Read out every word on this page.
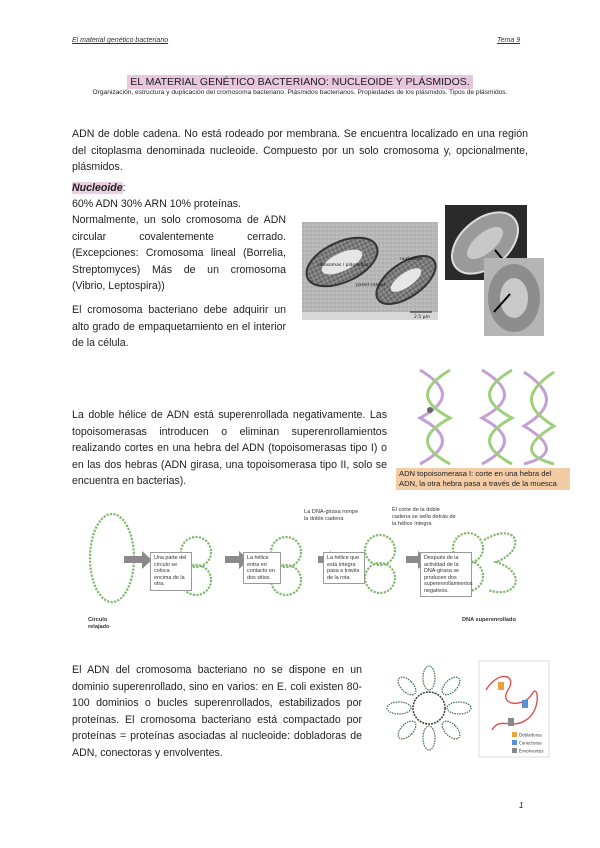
El material genético bacteriano	Tema 9
EL MATERIAL GENÉTICO BACTERIANO: NUCLEOIDE Y PLÁSMIDOS.
Organización, estructura y duplicación del cromosoma bacteriano. Plásmidos bacterianos. Propiedades de los plásmidos. Tipos de plásmidos.
ADN de doble cadena. No está rodeado por membrana. Se encuentra localizado en una región del citoplasma denominada nucleoide. Compuesto por un solo cromosoma y, opcionalmente, plásmidos.
Nucleoide:
60% ADN 30% ARN 10% proteínas.
Normalmente, un solo cromosoma de ADN circular covalentemente cerrado. (Excepciones: Cromosoma lineal (Borrelia, Streptomyces) Más de un cromosoma (Vibrio, Leptospira))
El cromosoma bacteriano debe adquirir un alto grado de empaquetamiento en el interior de la célula.
ribosomas / plásmidos
nucleoide
pared celular
2.5 μm
ADN topoisomerasa I: corte en una hebra del ADN, la otra hebra pasa a través de la muesca
La doble hélice de ADN está superenrollada negativamente. Las topoisomerasas introducen o eliminan superenrollamientos realizando cortes en una hebra del ADN (topoisomerasas tipo I) o en las dos hebras (ADN girasa, una topoisomerasa tipo II, solo se encuentra en bacterias).
Una parte del círculo se coloca encima de la otra.
La hélice entra en contacto en dos sitios.
La hélice que está íntegra pasa a través de la rota.
Después de la actividad de la DNA-girasa se producen dos superenrollamientos negativos.
La DNA-girasa rompe la doble cadena
El corte de la doble cadena se sella detrás de la hélice íntegra
Círculo relajado
DNA superenrollado
El ADN del cromosoma bacteriano no se dispone en un dominio superenrollado, sino en varios: en E. coli existen 80-100 dominios o bucles superenrollados, estabilizados por proteínas. El cromosoma bacteriano está compactado por proteínas = proteínas asociadas al nucleoide: dobladoras de ADN, conectoras y envolventes.
Dobladoras
Conectoras
Envolventes
1
